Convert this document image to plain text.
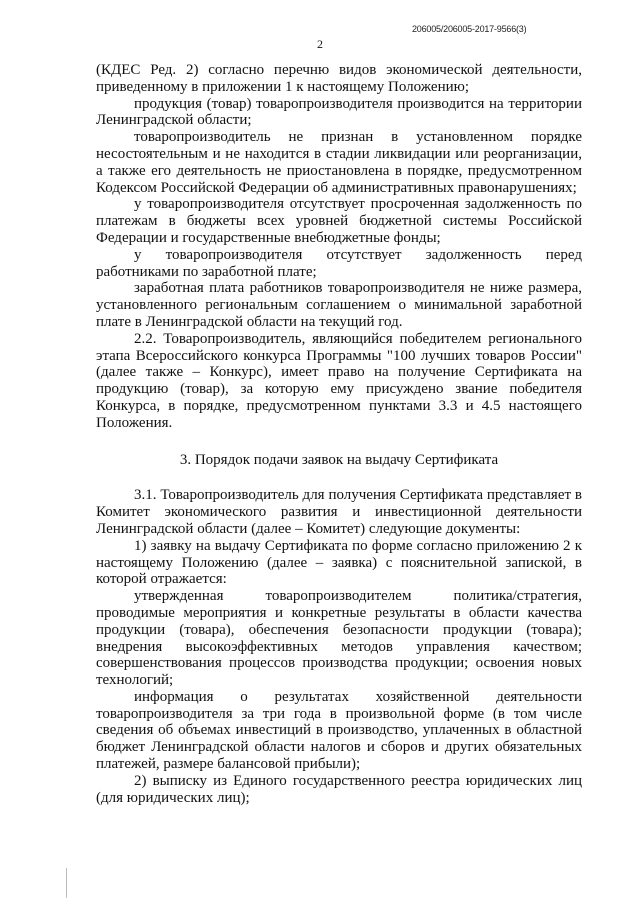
206005/206005-2017-9566(3)
2

(КДЕС Ред. 2) согласно перечню видов экономической деятельности, приведенному в приложении 1 к настоящему Положению;

продукция (товар) товаропроизводителя производится на территории Ленинградской области;

товаропроизводитель не признан в установленном порядке несостоятельным и не находится в стадии ликвидации или реорганизации, а также его деятельность не приостановлена в порядке, предусмотренном Кодексом Российской Федерации об административных правонарушениях;

у товаропроизводителя отсутствует просроченная задолженность по платежам в бюджеты всех уровней бюджетной системы Российской Федерации и государственные внебюджетные фонды;

у товаропроизводителя отсутствует задолженность перед работниками по заработной плате;

заработная плата работников товаропроизводителя не ниже размера, установленного региональным соглашением о минимальной заработной плате в Ленинградской области на текущий год.

2.2. Товаропроизводитель, являющийся победителем регионального этапа Всероссийского конкурса Программы "100 лучших товаров России" (далее также – Конкурс), имеет право на получение Сертификата на продукцию (товар), за которую ему присуждено звание победителя Конкурса, в порядке, предусмотренном пунктами 3.3 и 4.5 настоящего Положения.

3. Порядок подачи заявок на выдачу Сертификата

3.1. Товаропроизводитель для получения Сертификата представляет в Комитет экономического развития и инвестиционной деятельности Ленинградской области (далее – Комитет) следующие документы:

1) заявку на выдачу Сертификата по форме согласно приложению 2 к настоящему Положению (далее – заявка) с пояснительной запиской, в которой отражается:

утвержденная товаропроизводителем политика/стратегия, проводимые мероприятия и конкретные результаты в области качества продукции (товара), обеспечения безопасности продукции (товара); внедрения высокоэффективных методов управления качеством; совершенствования процессов производства продукции; освоения новых технологий;

информация о результатах хозяйственной деятельности товаропроизводителя за три года в произвольной форме (в том числе сведения об объемах инвестиций в производство, уплаченных в областной бюджет Ленинградской области налогов и сборов и других обязательных платежей, размере балансовой прибыли);

2) выписку из Единого государственного реестра юридических лиц (для юридических лиц);
